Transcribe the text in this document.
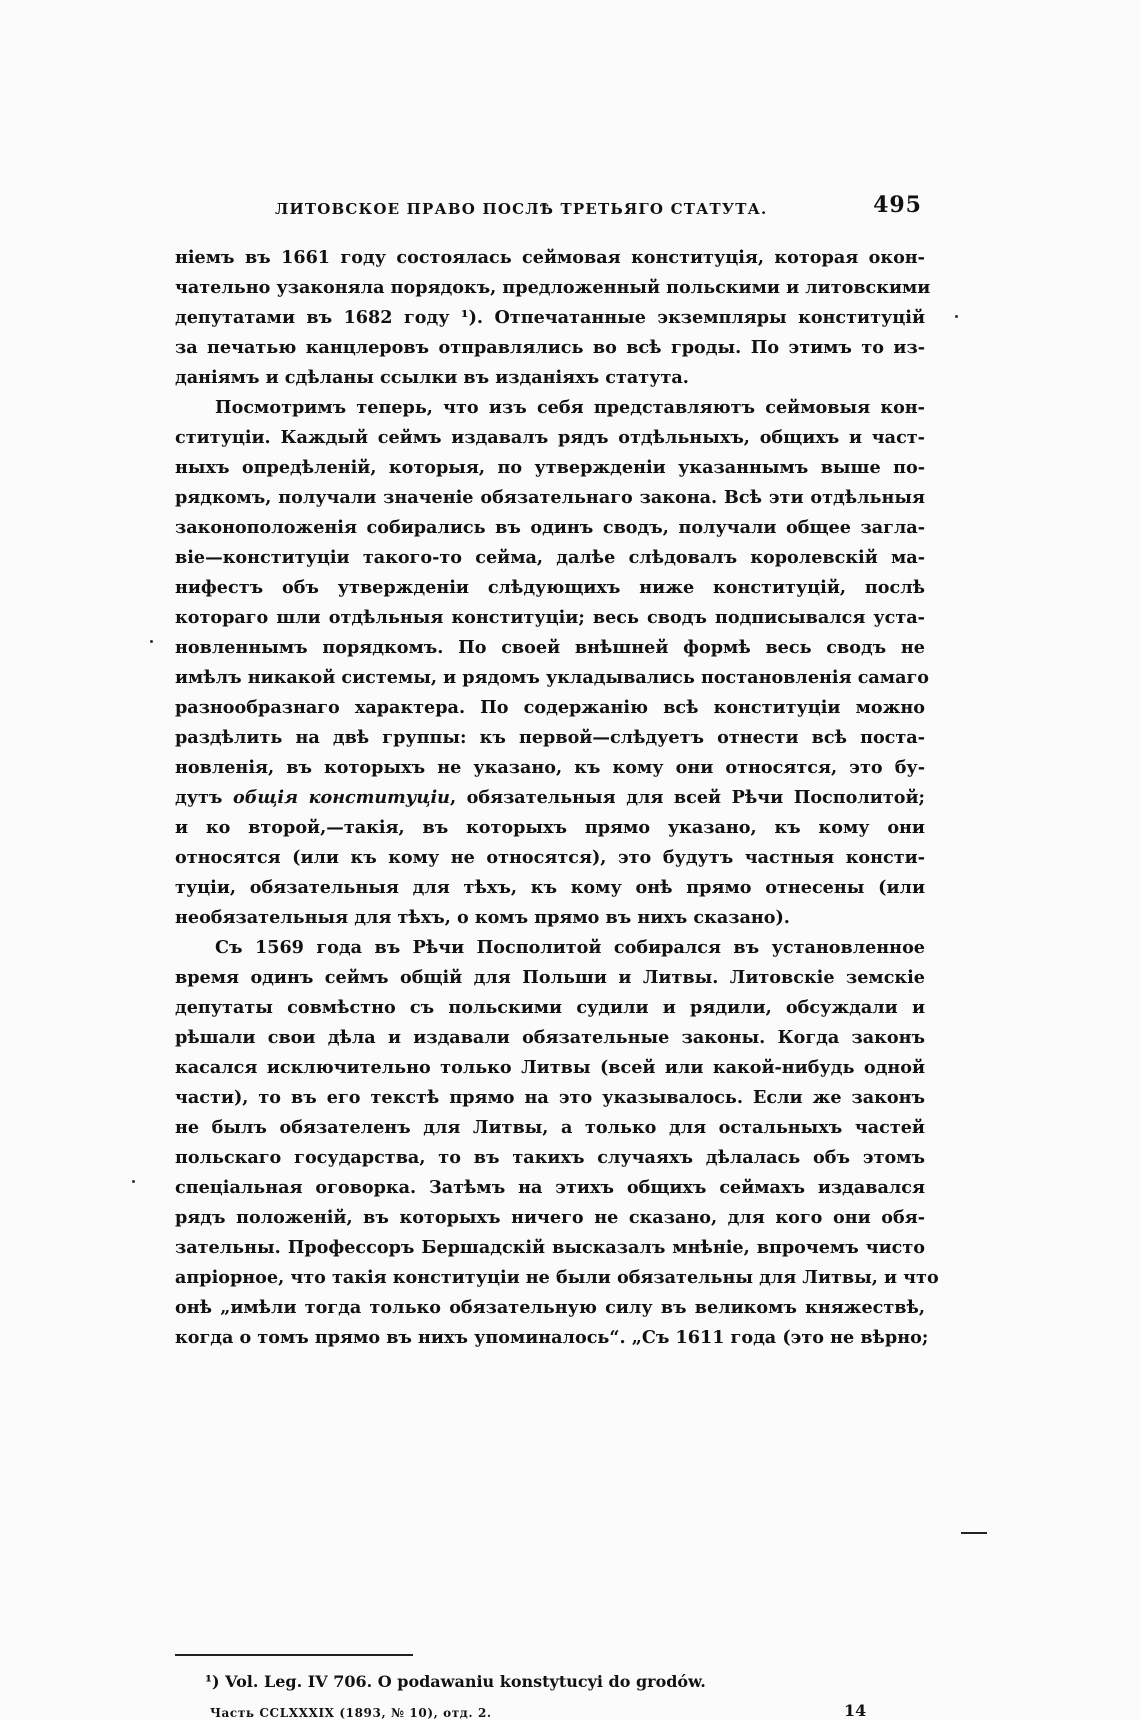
ЛИТОВСКОЕ ПРАВО ПОСЛѢ ТРЕТЬЯГО СТАТУТА.	495
ніемъ въ 1661 году состоялась сеймовая конституція, которая окон-
чательно узаконяла порядокъ, предложенный польскими и литовскими
депутатами въ 1682 году ¹). Отпечатанные экземпляры конституцій
за печатью канцлеровъ отправлялись во всѣ гроды. По этимъ то из-
даніямъ и сдѣланы ссылки въ изданіяхъ статута.
Посмотримъ теперь, что изъ себя представляютъ сеймовыя кон-
ституціи. Каждый сеймъ издавалъ рядъ отдѣльныхъ, общихъ и част-
ныхъ опредѣленій, которыя, по утвержденіи указаннымъ выше по-
рядкомъ, получали значеніе обязательнаго закона. Всѣ эти отдѣльныя
законоположенія собирались въ одинъ сводъ, получали общее загла-
віе—конституціи такого-то сейма, далѣе слѣдовалъ королевскій ма-
нифестъ объ утвержденіи слѣдующихъ ниже конституцій, послѣ
котораго шли отдѣльныя конституціи; весь сводъ подписывался уста-
новленнымъ порядкомъ. По своей внѣшней формѣ весь сводъ не
имѣлъ никакой системы, и рядомъ укладывались постановленія самаго
разнообразнаго характера. По содержанію всѣ конституціи можно
раздѣлить на двѣ группы: къ первой—слѣдуетъ отнести всѣ поста-
новленія, въ которыхъ не указано, къ кому они относятся, это бу-
дутъ общія конституціи, обязательныя для всей Рѣчи Посполитой;
и ко второй,—такія, въ которыхъ прямо указано, къ кому они
относятся (или къ кому не относятся), это будутъ частныя консти-
туціи, обязательныя для тѣхъ, къ кому онѣ прямо отнесены (или
необязательныя для тѣхъ, о комъ прямо въ нихъ сказано).
Съ 1569 года въ Рѣчи Посполитой собирался въ установленное
время одинъ сеймъ общій для Польши и Литвы. Литовскіе земскіе
депутаты совмѣстно съ польскими судили и рядили, обсуждали и
рѣшали свои дѣла и издавали обязательные законы. Когда законъ
касался исключительно только Литвы (всей или какой-нибудь одной
части), то въ его текстѣ прямо на это указывалось. Если же законъ
не былъ обязателенъ для Литвы, а только для остальныхъ частей
польскаго государства, то въ такихъ случаяхъ дѣлалась объ этомъ
спеціальная оговорка. Затѣмъ на этихъ общихъ сеймахъ издавался
рядъ положеній, въ которыхъ ничего не сказано, для кого они обя-
зательны. Профессоръ Бершадскій высказалъ мнѣніе, впрочемъ чисто
апріорное, что такія конституціи не были обязательны для Литвы, и что
онѣ „имѣли тогда только обязательную силу въ великомъ княжествѣ,
когда о томъ прямо въ нихъ упоминалось“. „Съ 1611 года (это не вѣрно;
¹) Vol. Leg. IV 706. O podawaniu konstytucyi do grodów.
Часть CCLXXXIX (1893, № 10), отд. 2.	14
